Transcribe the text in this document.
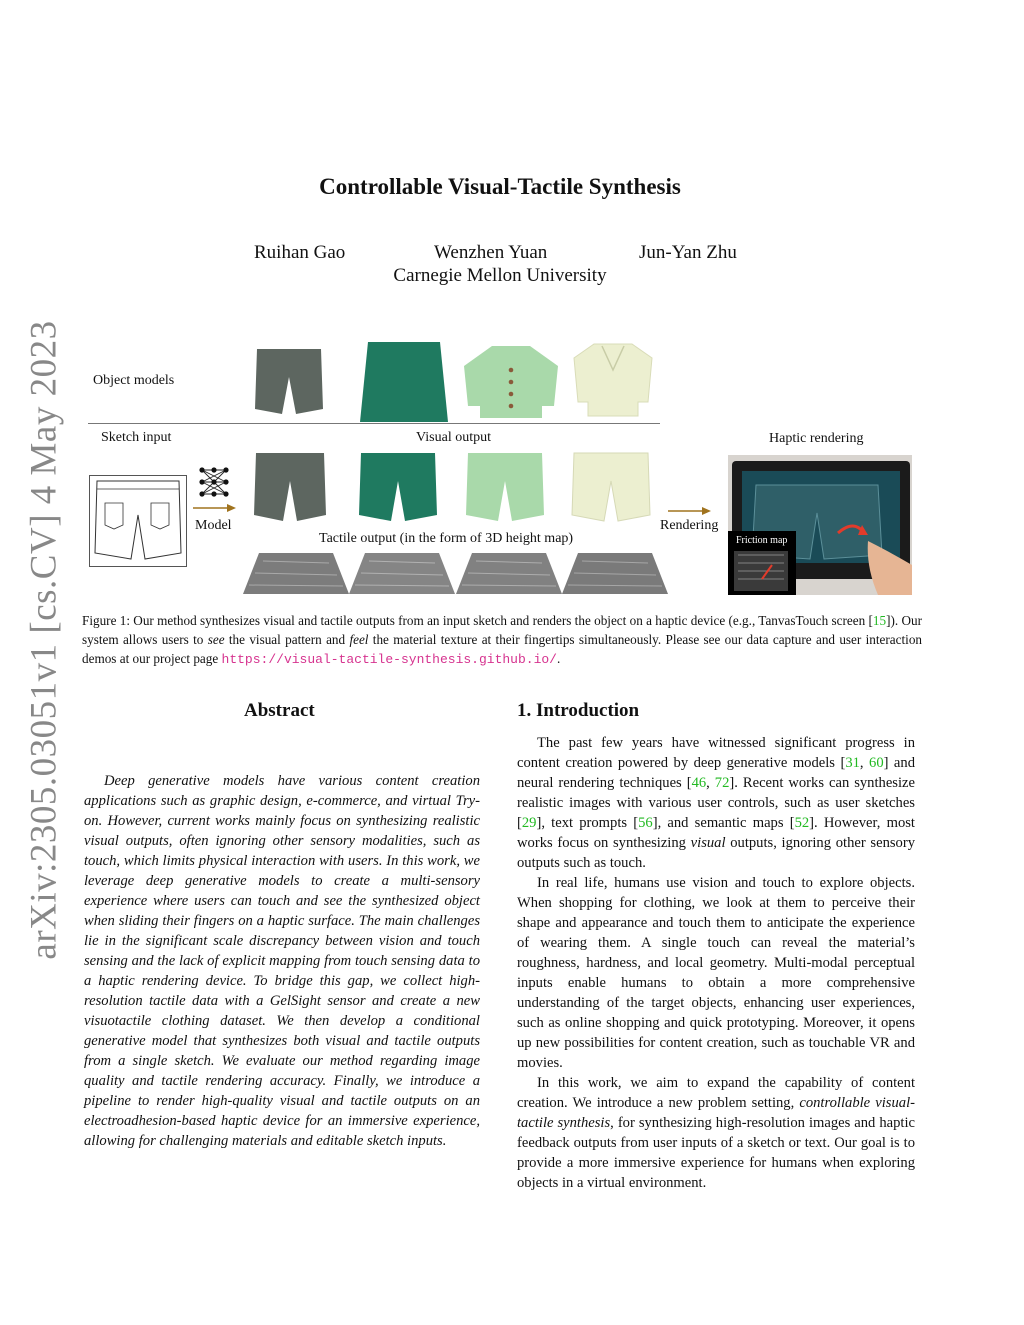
arXiv:2305.03051v1 [cs.CV] 4 May 2023
Controllable Visual-Tactile Synthesis
Ruihan Gao	Wenzhen Yuan	Jun-Yan Zhu
Carnegie Mellon University
Object models
Sketch input	Visual output	Haptic rendering
Model
Tactile output (in the form of 3D height map)
Rendering
Friction map
Figure 1: Our method synthesizes visual and tactile outputs from an input sketch and renders the object on a haptic device (e.g., TanvasTouch screen [15]). Our system allows users to see the visual pattern and feel the material texture at their fingertips simultaneously. Please see our data capture and user interaction demos at our project page https://visual-tactile-synthesis.github.io/.
Abstract
Deep generative models have various content creation applications such as graphic design, e-commerce, and virtual Try-on. However, current works mainly focus on synthesizing realistic visual outputs, often ignoring other sensory modalities, such as touch, which limits physical interaction with users. In this work, we leverage deep generative models to create a multi-sensory experience where users can touch and see the synthesized object when sliding their fingers on a haptic surface. The main challenges lie in the significant scale discrepancy between vision and touch sensing and the lack of explicit mapping from touch sensing data to a haptic rendering device. To bridge this gap, we collect high-resolution tactile data with a GelSight sensor and create a new visuotactile clothing dataset. We then develop a conditional generative model that synthesizes both visual and tactile outputs from a single sketch. We evaluate our method regarding image quality and tactile rendering accuracy. Finally, we introduce a pipeline to render high-quality visual and tactile outputs on an electroadhesion-based haptic device for an immersive experience, allowing for challenging materials and editable sketch inputs.
1. Introduction

The past few years have witnessed significant progress in content creation powered by deep generative models [31, 60] and neural rendering techniques [46, 72]. Recent works can synthesize realistic images with various user controls, such as user sketches [29], text prompts [56], and semantic maps [52]. However, most works focus on synthesizing visual outputs, ignoring other sensory outputs such as touch.

In real life, humans use vision and touch to explore objects. When shopping for clothing, we look at them to perceive their shape and appearance and touch them to anticipate the experience of wearing them. A single touch can reveal the material’s roughness, hardness, and local geometry. Multi-modal perceptual inputs enable humans to obtain a more comprehensive understanding of the target objects, enhancing user experiences, such as online shopping and quick prototyping. Moreover, it opens up new possibilities for content creation, such as touchable VR and movies.

In this work, we aim to expand the capability of content creation. We introduce a new problem setting, controllable visual-tactile synthesis, for synthesizing high-resolution images and haptic feedback outputs from user inputs of a sketch or text. Our goal is to provide a more immersive experience for humans when exploring objects in a virtual environment.
